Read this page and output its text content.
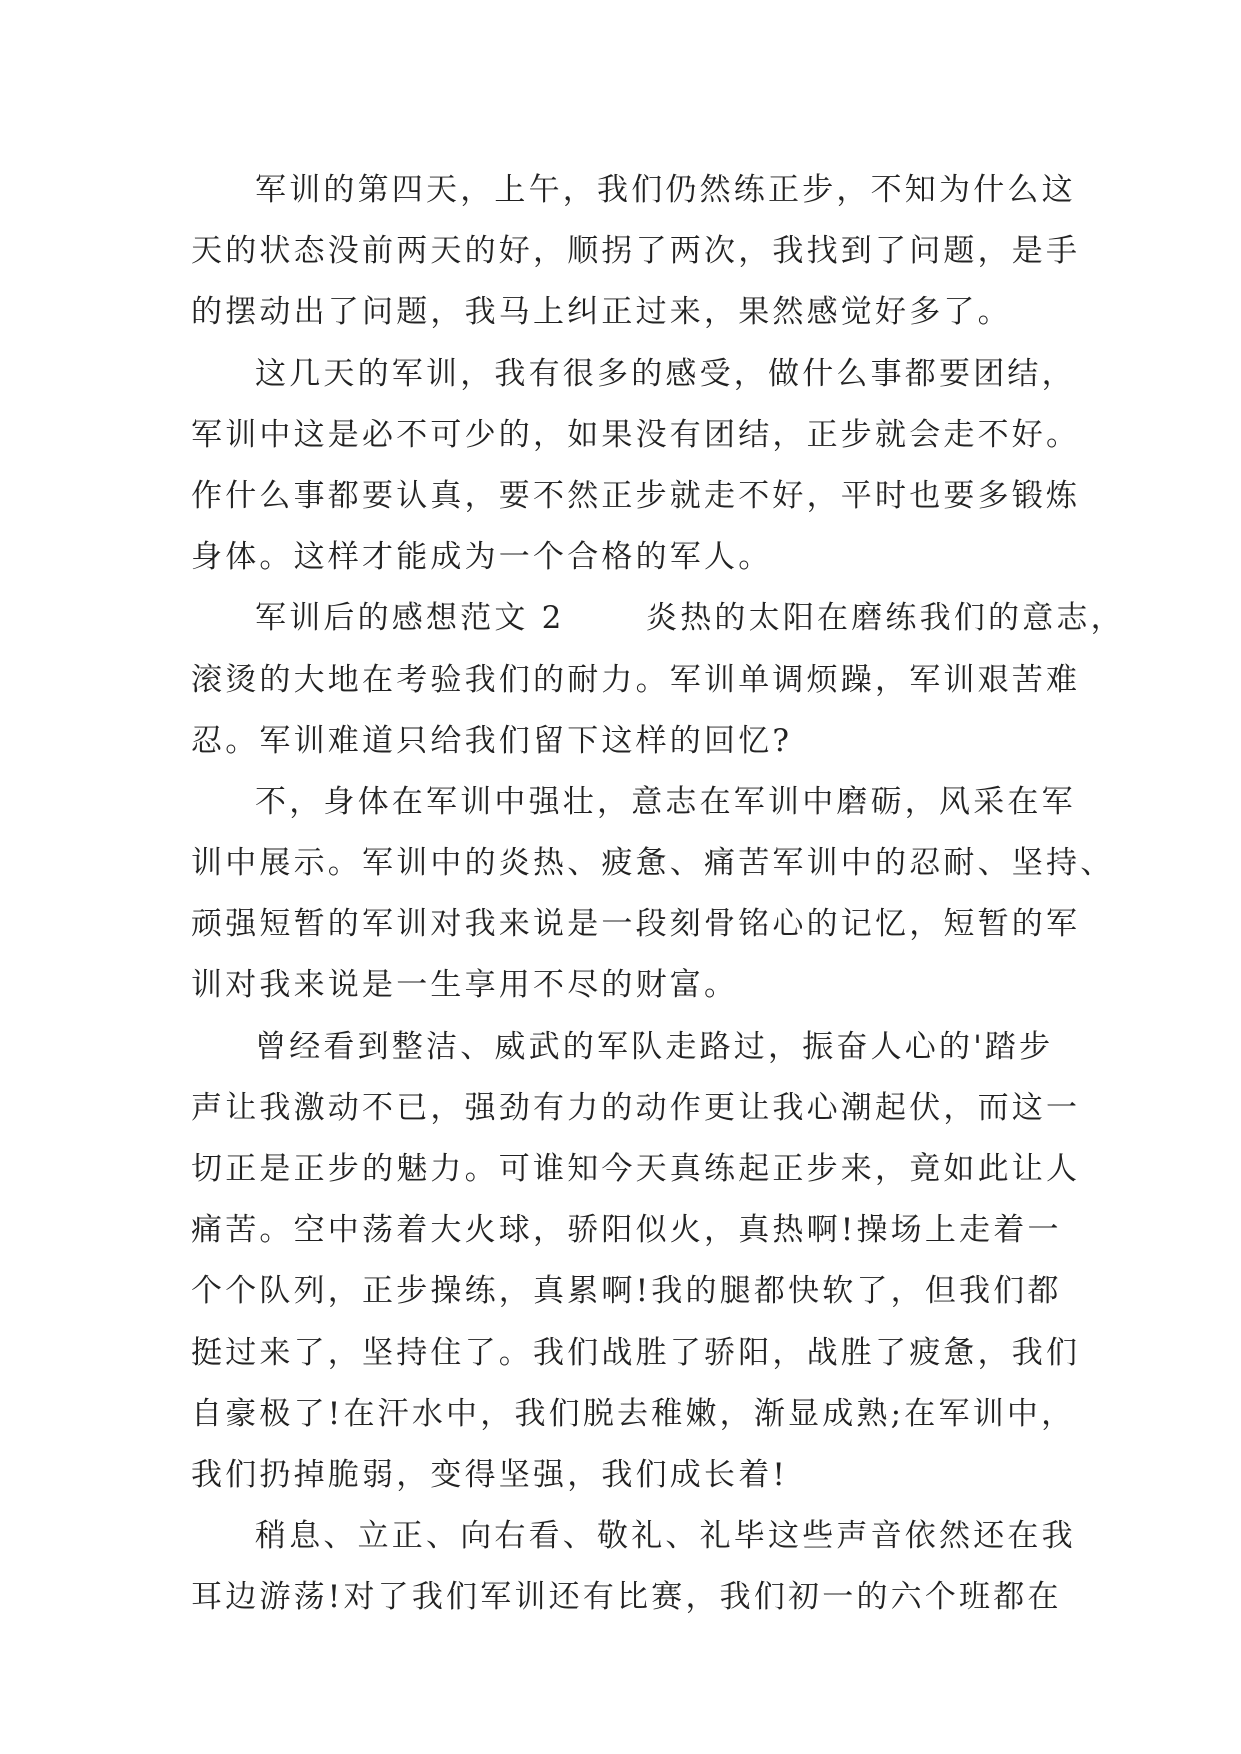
军训的第四天，上午，我们仍然练正步，不知为什么这
天的状态没前两天的好，顺拐了两次，我找到了问题，是手
的摆动出了问题，我马上纠正过来，果然感觉好多了。
这几天的军训，我有很多的感受，做什么事都要团结，
军训中这是必不可少的，如果没有团结，正步就会走不好。
作什么事都要认真，要不然正步就走不好，平时也要多锻炼
身体。这样才能成为一个合格的军人。
军训后的感想范文 2　　 炎热的太阳在磨练我们的意志，
滚烫的大地在考验我们的耐力。军训单调烦躁，军训艰苦难
忍。军训难道只给我们留下这样的回忆?
不，身体在军训中强壮，意志在军训中磨砺，风采在军
训中展示。军训中的炎热、疲惫、痛苦军训中的忍耐、坚持、
顽强短暂的军训对我来说是一段刻骨铭心的记忆，短暂的军
训对我来说是一生享用不尽的财富。
曾经看到整洁、威武的军队走路过，振奋人心的'踏步
声让我激动不已，强劲有力的动作更让我心潮起伏，而这一
切正是正步的魅力。可谁知今天真练起正步来，竟如此让人
痛苦。空中荡着大火球，骄阳似火，真热啊!操场上走着一
个个队列，正步操练，真累啊!我的腿都快软了，但我们都
挺过来了，坚持住了。我们战胜了骄阳，战胜了疲惫，我们
自豪极了!在汗水中，我们脱去稚嫩，渐显成熟;在军训中，
我们扔掉脆弱，变得坚强，我们成长着!
稍息、立正、向右看、敬礼、礼毕这些声音依然还在我
耳边游荡!对了我们军训还有比赛，我们初一的六个班都在
